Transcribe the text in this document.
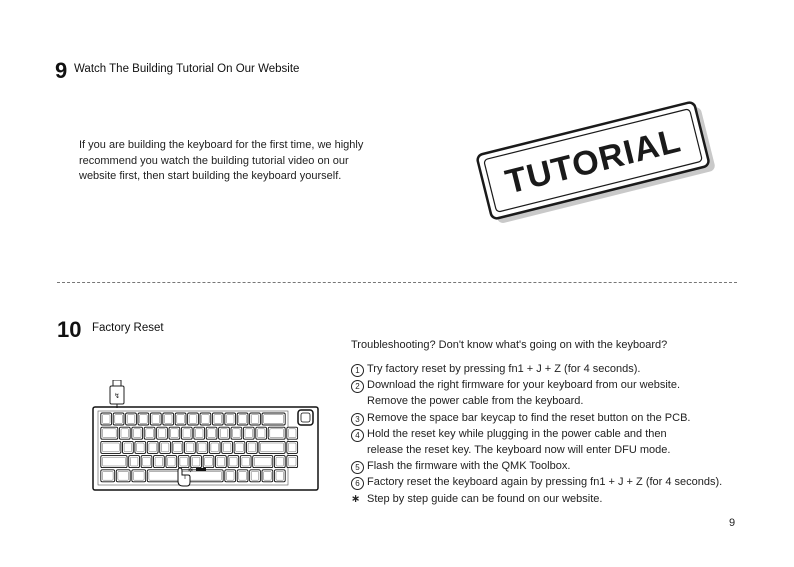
9 Watch The Building Tutorial On Our Website
If you are building the keyboard for the first time, we highly
recommend you watch the building tutorial video on our
website first, then start building the keyboard yourself.	TUTORIAL
10 Factory Reset
↯
✻
Troubleshooting? Don't know what's going on with the keyboard?
1 Try factory reset by pressing fn1 + J + Z (for 4 seconds).
2 Download the right firmware for your keyboard from our website.
Remove the power cable from the keyboard.
3 Remove the space bar keycap to find the reset button on the PCB.
4 Hold the reset key while plugging in the power cable and then
release the reset key. The keyboard now will enter DFU mode.
5 Flash the firmware with the QMK Toolbox.
6 Factory reset the keyboard again by pressing fn1 + J + Z (for 4 seconds).
∗ Step by step guide can be found on our website.
9
